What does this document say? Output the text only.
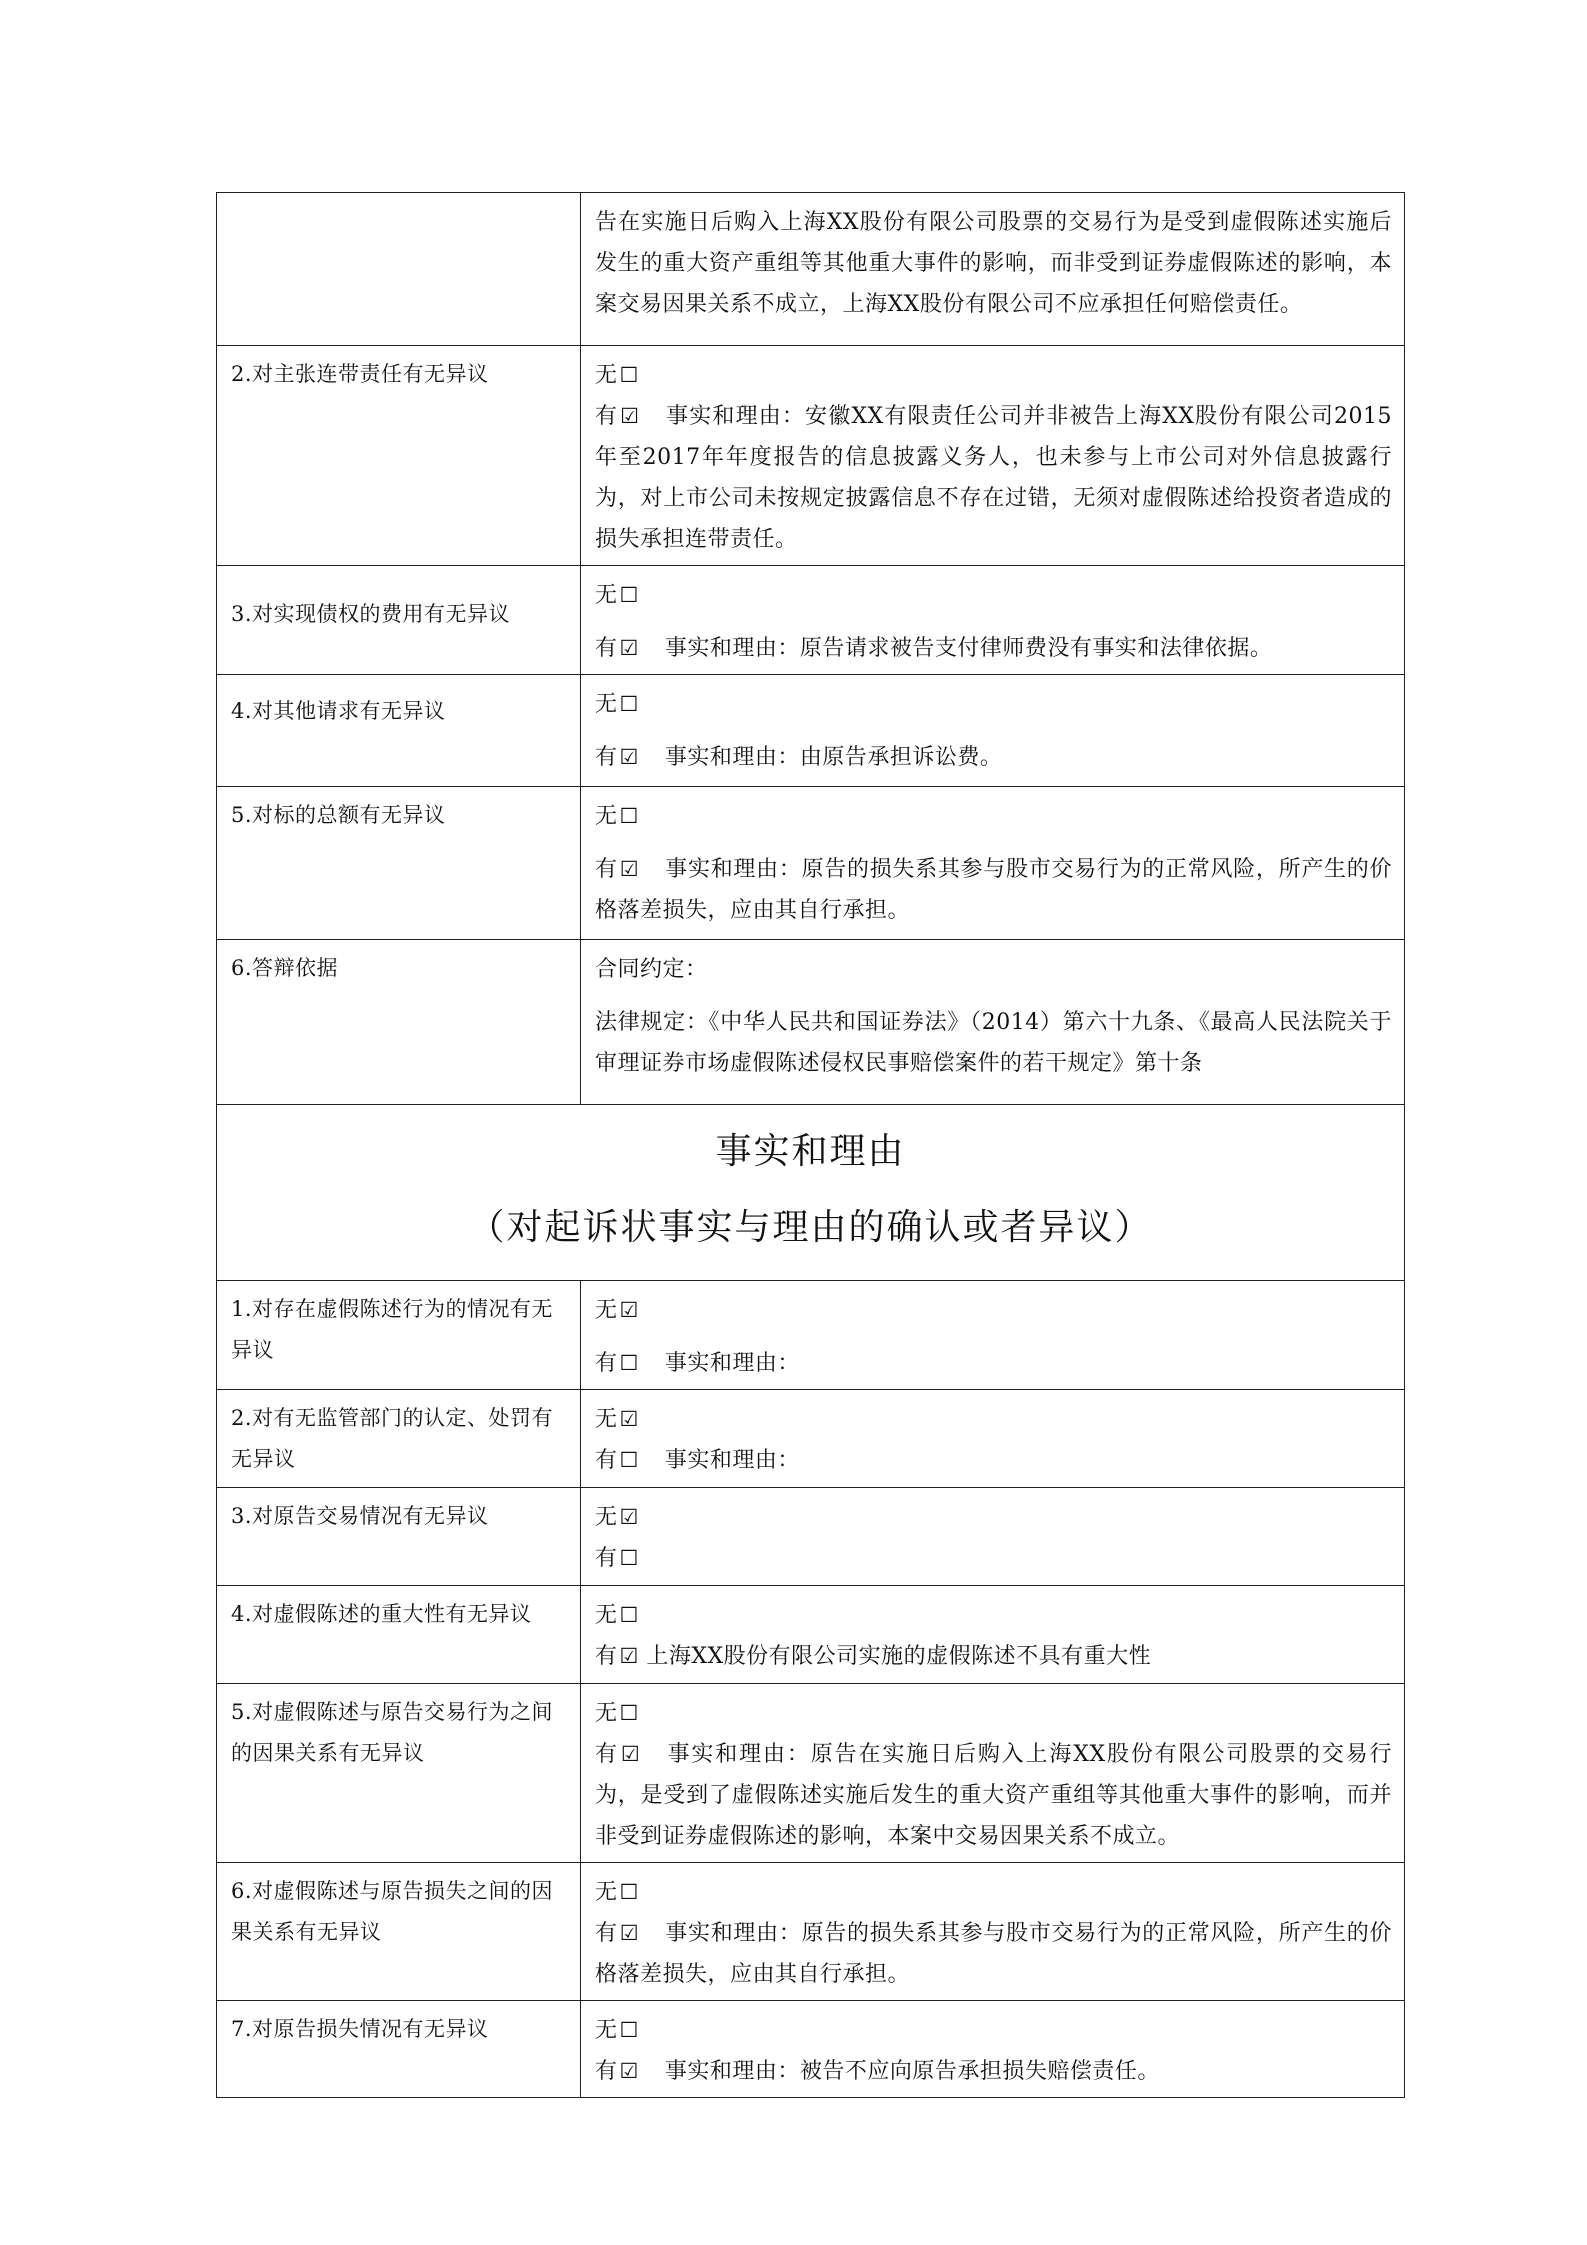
	告在实施日后购入上海XX股份有限公司股票的交易行为是受到虚假陈述实施后发生的重大资产重组等其他重大事件的影响，而非受到证券虚假陈述的影响，本案交易因果关系不成立，上海XX股份有限公司不应承担任何赔偿责任。

2.对主张连带责任有无异议	无☐

有☑ 事实和理由：安徽XX有限责任公司并非被告上海XX股份有限公司2015年至2017年年度报告的信息披露义务人，也未参与上市公司对外信息披露行为，对上市公司未按规定披露信息不存在过错，无须对虚假陈述给投资者造成的损失承担连带责任。

3.对实现债权的费用有无异议	无☐

有☑ 事实和理由：原告请求被告支付律师费没有事实和法律依据。

4.对其他请求有无异议	无☐

有☑ 事实和理由：由原告承担诉讼费。

5.对标的总额有无异议	无☐

有☑ 事实和理由：原告的损失系其参与股市交易行为的正常风险，所产生的价格落差损失，应由其自行承担。

6.答辩依据	合同约定：

法律规定：《中华人民共和国证券法》（2014）第六十九条、《最高人民法院关于审理证券市场虚假陈述侵权民事赔偿案件的若干规定》第十条

事实和理由
（对起诉状事实与理由的确认或者异议）	

1.对存在虚假陈述行为的情况有无异议	无☑

有☐ 事实和理由：

2.对有无监管部门的认定、处罚有无异议	无☑

有☐ 事实和理由：

3.对原告交易情况有无异议	无☑

有☐

4.对虚假陈述的重大性有无异议	无☐

有☑ 上海XX股份有限公司实施的虚假陈述不具有重大性

5.对虚假陈述与原告交易行为之间的因果关系有无异议	无☐

有☑ 事实和理由：原告在实施日后购入上海XX股份有限公司股票的交易行为，是受到了虚假陈述实施后发生的重大资产重组等其他重大事件的影响，而并非受到证券虚假陈述的影响，本案中交易因果关系不成立。

6.对虚假陈述与原告损失之间的因果关系有无异议	无☐

有☑ 事实和理由：原告的损失系其参与股市交易行为的正常风险，所产生的价格落差损失，应由其自行承担。

7.对原告损失情况有无异议	无☐

有☑ 事实和理由：被告不应向原告承担损失赔偿责任。
